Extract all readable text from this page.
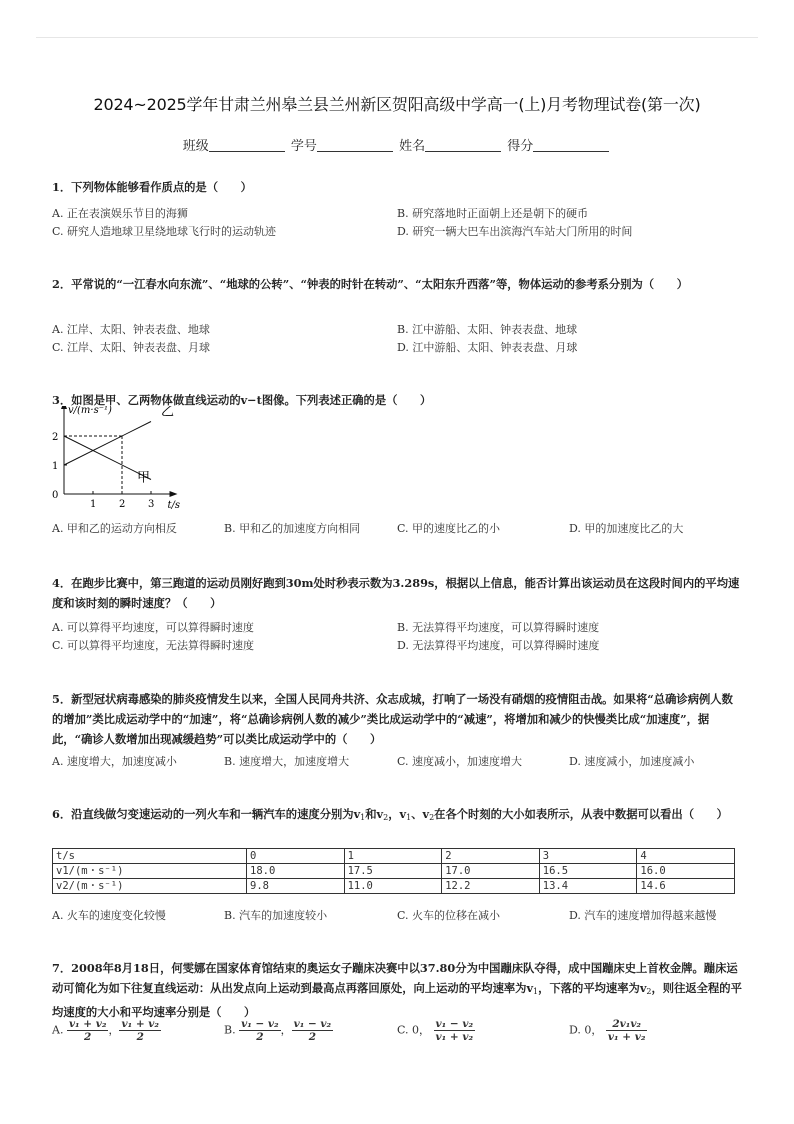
2024~2025学年甘肃兰州皋兰县兰州新区贺阳高级中学高一(上)月考物理试卷(第一次)
班级	学号	姓名	得分
1．下列物体能够看作质点的是（　　）
A. 正在表演娱乐节目的海狮	B. 研究落地时正面朝上还是朝下的硬币
C. 研究人造地球卫星绕地球飞行时的运动轨迹	D. 研究一辆大巴车出滨海汽车站大门所用的时间
2．平常说的“一江春水向东流”、“地球的公转”、“钟表的时针在转动”、“太阳东升西落”等，物体运动的参考系分别为（　　）
A. 江岸、太阳、钟表表盘、地球	B. 江中游船、太阳、钟表表盘、地球
C. 江岸、太阳、钟表表盘、月球	D. 江中游船、太阳、钟表表盘、月球
3．如图是甲、乙两物体做直线运动的v−t图像。下列表述正确的是（　　）
v/(m·s⁻¹)
t/s
0
1 2 3
1
2
乙
甲
A. 甲和乙的运动方向相反	B. 甲和乙的加速度方向相同	C. 甲的速度比乙的小	D. 甲的加速度比乙的大
4．在跑步比赛中，第三跑道的运动员刚好跑到30m处时秒表示数为3.289s，根据以上信息，能否计算出该运动员在这段时间内的平均速度和该时刻的瞬时速度？（　　）
A. 可以算得平均速度，可以算得瞬时速度	B. 无法算得平均速度，可以算得瞬时速度
C. 可以算得平均速度，无法算得瞬时速度	D. 无法算得平均速度，可以算得瞬时速度
5．新型冠状病毒感染的肺炎疫情发生以来，全国人民同舟共济、众志成城，打响了一场没有硝烟的疫情阻击战。如果将“总确诊病例人数的增加”类比成运动学中的“加速”，将“总确诊病例人数的减少”类比成运动学中的“减速”，将增加和减少的快慢类比成“加速度”，据此，“确诊人数增加出现减缓趋势”可以类比成运动学中的（　　）
A. 速度增大，加速度减小	B. 速度增大，加速度增大	C. 速度减小，加速度增大	D. 速度减小，加速度减小
6．沿直线做匀变速运动的一列火车和一辆汽车的速度分别为$v_1$和$v_2$，$v_1$、$v_2$在各个时刻的大小如表所示，从表中数据可以看出（　　）
t/s	0	1	2	3	4
v1/(m・s⁻¹)	18.0	17.5	17.0	16.5	16.0
v2/(m・s⁻¹)	9.8	11.0	12.2	13.4	14.6
A. 火车的速度变化较慢	B. 汽车的加速度较小	C. 火车的位移在减小	D. 汽车的速度增加得越来越慢
7．2008年8月18日，何雯娜在国家体育馆结束的奥运女子蹦床决赛中以37.80分为中国蹦床队夺得，成中国蹦床史上首枚金牌。蹦床运动可简化为如下往复直线运动：从出发点向上运动到最高点再落回原处，向上运动的平均速率为$v_1$，下落的平均速率为$v_2$，则往返全程的平均速度的大小和平均速率分别是（　　）
A. $\frac{\text{v₁ + v₂}}{2}$ ， $\frac{\text{v₁ + v₂}}{2}$	B. $\frac{\text{v₁ − v₂}}{2}$ ， $\frac{\text{v₁ − v₂}}{2}$	C. 0， $\frac{\text{v₁ − v₂}}{\text{v₁ + v₂}}$	D. 0， $\frac{\text{2v₁v₂}}{\text{v₁ + v₂}}$
